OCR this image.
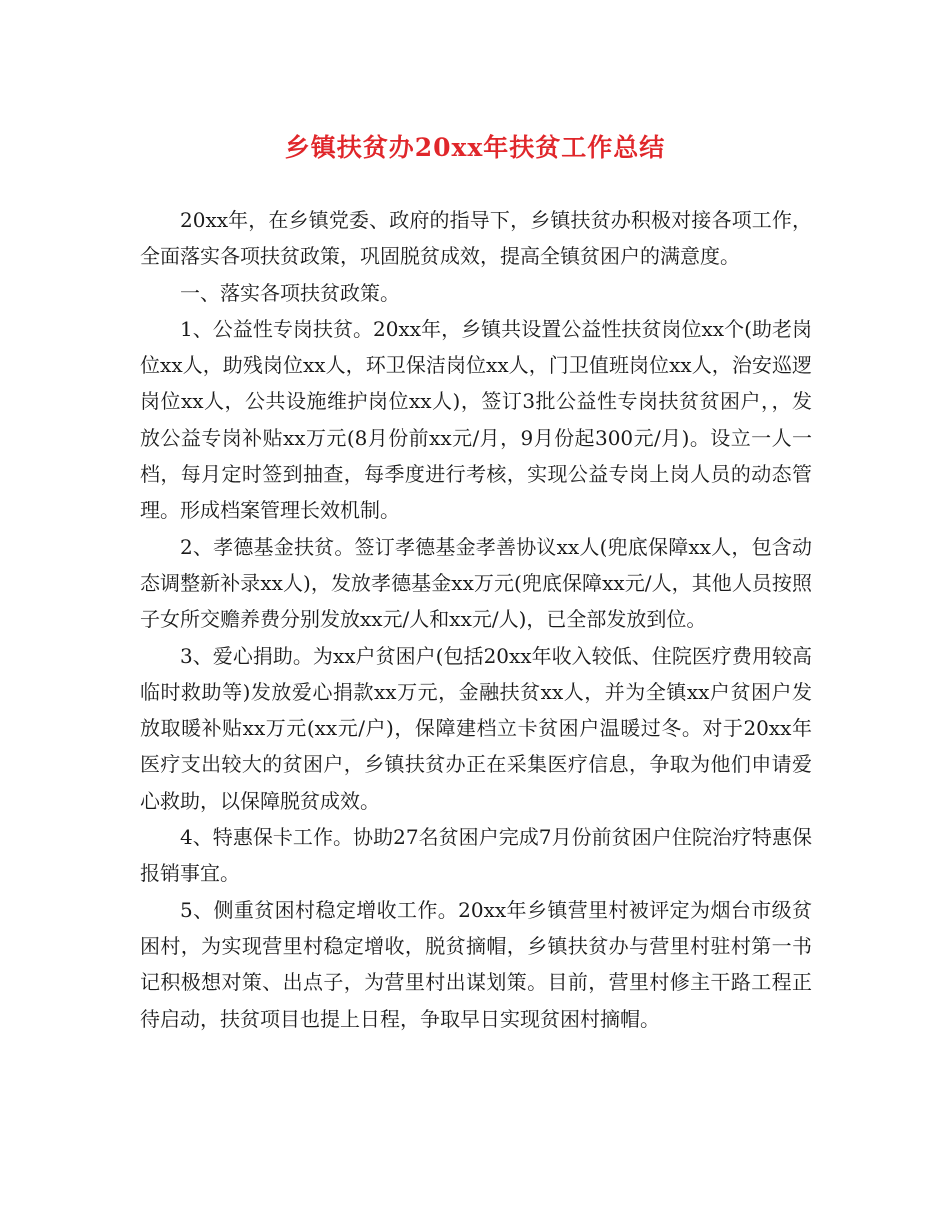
乡镇扶贫办20xx年扶贫工作总结

20xx年，在乡镇党委、政府的指导下，乡镇扶贫办积极对接各项工作，全面落实各项扶贫政策，巩固脱贫成效，提高全镇贫困户的满意度。

一、落实各项扶贫政策。

1、公益性专岗扶贫。20xx年，乡镇共设置公益性扶贫岗位xx个(助老岗位xx人，助残岗位xx人，环卫保洁岗位xx人，门卫值班岗位xx人，治安巡逻岗位xx人，公共设施维护岗位xx人)，签订3批公益性专岗扶贫贫困户，，发放公益专岗补贴xx万元(8月份前xx元/月，9月份起300元/月)。设立一人一档，每月定时签到抽查，每季度进行考核，实现公益专岗上岗人员的动态管理。形成档案管理长效机制。

2、孝德基金扶贫。签订孝德基金孝善协议xx人(兜底保障xx人，包含动态调整新补录xx人)，发放孝德基金xx万元(兜底保障xx元/人，其他人员按照子女所交赡养费分别发放xx元/人和xx元/人)，已全部发放到位。

3、爱心捐助。为xx户贫困户(包括20xx年收入较低、住院医疗费用较高临时救助等)发放爱心捐款xx万元，金融扶贫xx人，并为全镇xx户贫困户发放取暖补贴xx万元(xx元/户)，保障建档立卡贫困户温暖过冬。对于20xx年医疗支出较大的贫困户，乡镇扶贫办正在采集医疗信息，争取为他们申请爱心救助，以保障脱贫成效。

4、特惠保卡工作。协助27名贫困户完成7月份前贫困户住院治疗特惠保报销事宜。

5、侧重贫困村稳定增收工作。20xx年乡镇营里村被评定为烟台市级贫困村，为实现营里村稳定增收，脱贫摘帽，乡镇扶贫办与营里村驻村第一书记积极想对策、出点子，为营里村出谋划策。目前，营里村修主干路工程正待启动，扶贫项目也提上日程，争取早日实现贫困村摘帽。
